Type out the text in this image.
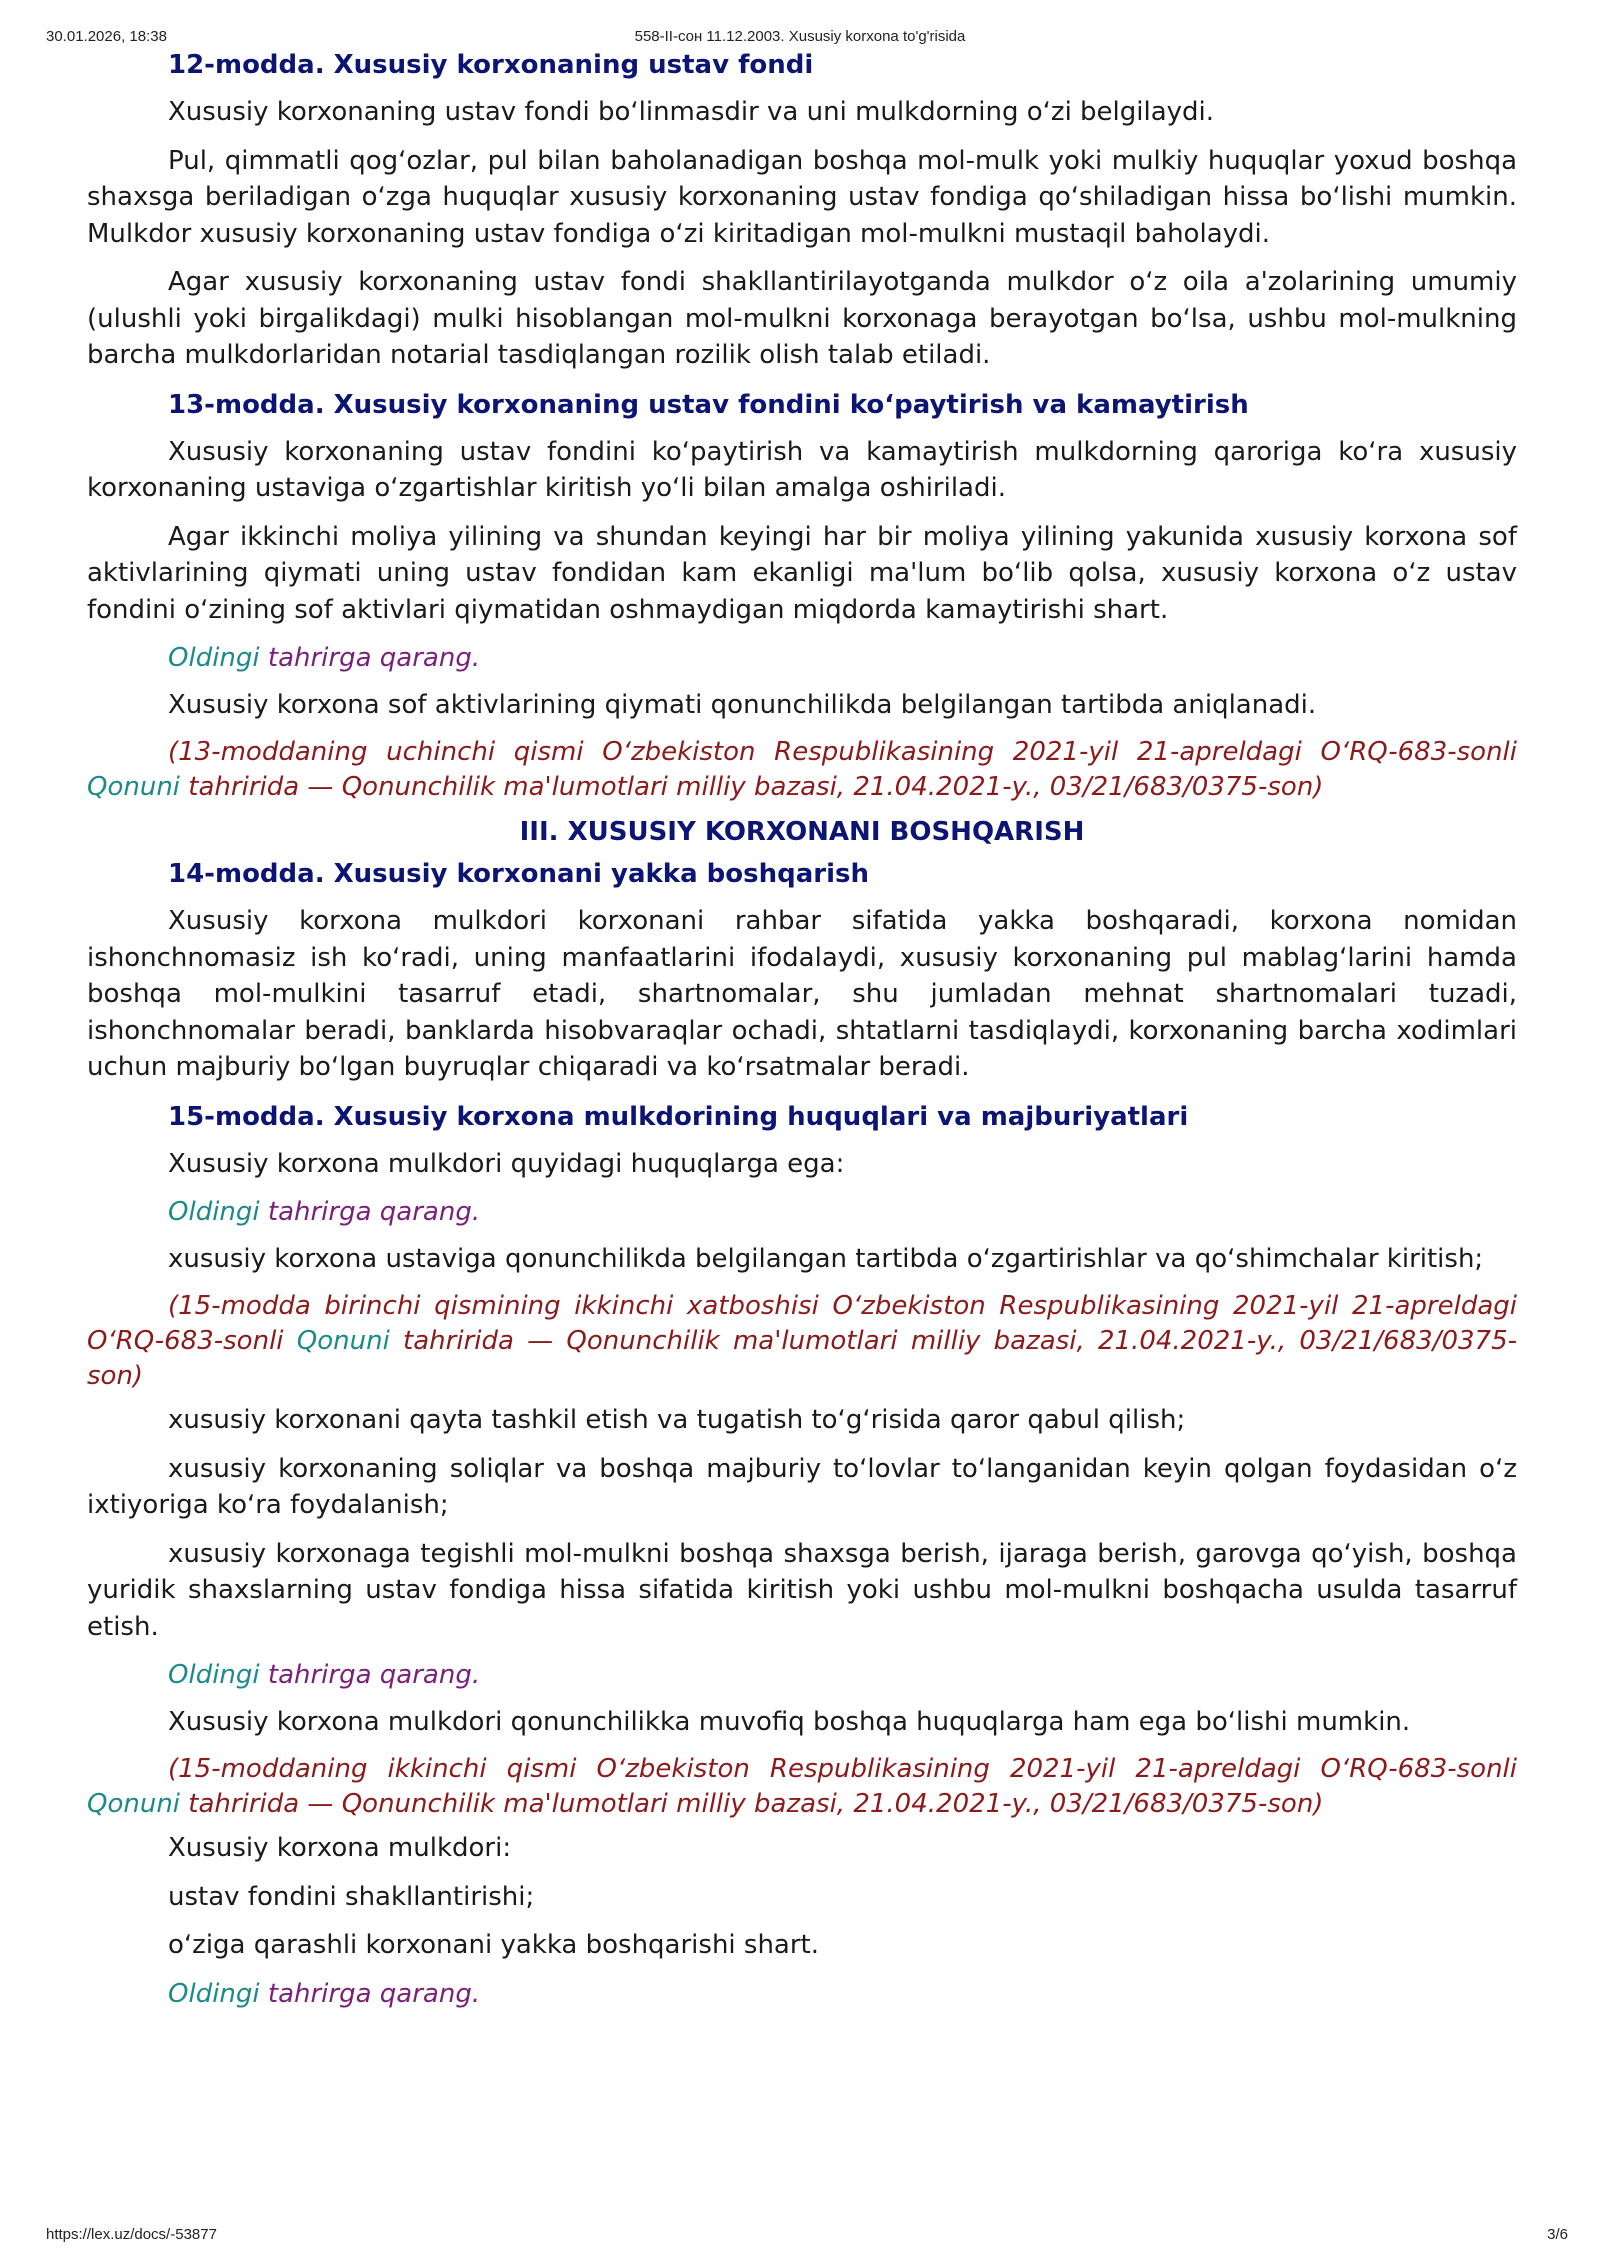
30.01.2026, 18:38	558-II-сон 11.12.2003. Xususiy korxona to'g'risida
12-modda. Xususiy korxonaning ustav fondi

Xususiy korxonaning ustav fondi boʻlinmasdir va uni mulkdorning oʻzi belgilaydi.

Pul, qimmatli qogʻozlar, pul bilan baholanadigan boshqa mol-mulk yoki mulkiy huquqlar yoxud boshqa shaxsga beriladigan oʻzga huquqlar xususiy korxonaning ustav fondiga qoʻshiladigan hissa boʻlishi mumkin. Mulkdor xususiy korxonaning ustav fondiga oʻzi kiritadigan mol-mulkni mustaqil baholaydi.

Agar xususiy korxonaning ustav fondi shakllantirilayotganda mulkdor oʻz oila a'zolarining umumiy (ulushli yoki birgalikdagi) mulki hisoblangan mol-mulkni korxonaga berayotgan boʻlsa, ushbu mol-mulkning barcha mulkdorlaridan notarial tasdiqlangan rozilik olish talab etiladi.

13-modda. Xususiy korxonaning ustav fondini koʻpaytirish va kamaytirish

Xususiy korxonaning ustav fondini koʻpaytirish va kamaytirish mulkdorning qaroriga koʻra xususiy korxonaning ustaviga oʻzgartishlar kiritish yoʻli bilan amalga oshiriladi.

Agar ikkinchi moliya yilining va shundan keyingi har bir moliya yilining yakunida xususiy korxona sof aktivlarining qiymati uning ustav fondidan kam ekanligi ma'lum boʻlib qolsa, xususiy korxona oʻz ustav fondini oʻzining sof aktivlari qiymatidan oshmaydigan miqdorda kamaytirishi shart.

Oldingi tahrirga qarang.

Xususiy korxona sof aktivlarining qiymati qonunchilikda belgilangan tartibda aniqlanadi.

(13-moddaning uchinchi qismi Oʻzbekiston Respublikasining 2021-yil 21-apreldagi OʻRQ-683-sonli Qonuni tahririda — Qonunchilik ma'lumotlari milliy bazasi, 21.04.2021-y., 03/21/683/0375-son)
III. XUSUSIY KORXONANI BOSHQARISH
14-modda. Xususiy korxonani yakka boshqarish

Xususiy korxona mulkdori korxonani rahbar sifatida yakka boshqaradi, korxona nomidan ishonchnomasiz ish koʻradi, uning manfaatlarini ifodalaydi, xususiy korxonaning pul mablagʻlarini hamda boshqa mol-mulkini tasarruf etadi, shartnomalar, shu jumladan mehnat shartnomalari tuzadi, ishonchnomalar beradi, banklarda hisobvaraqlar ochadi, shtatlarni tasdiqlaydi, korxonaning barcha xodimlari uchun majburiy boʻlgan buyruqlar chiqaradi va koʻrsatmalar beradi.

15-modda. Xususiy korxona mulkdorining huquqlari va majburiyatlari

Xususiy korxona mulkdori quyidagi huquqlarga ega:

Oldingi tahrirga qarang.

xususiy korxona ustaviga qonunchilikda belgilangan tartibda oʻzgartirishlar va qoʻshimchalar kiritish;

(15-modda birinchi qismining ikkinchi xatboshisi Oʻzbekiston Respublikasining 2021-yil 21-apreldagi OʻRQ-683-sonli Qonuni tahririda — Qonunchilik ma'lumotlari milliy bazasi, 21.04.2021-y., 03/21/683/0375-son)

xususiy korxonani qayta tashkil etish va tugatish toʻgʻrisida qaror qabul qilish;

xususiy korxonaning soliqlar va boshqa majburiy toʻlovlar toʻlanganidan keyin qolgan foydasidan oʻz ixtiyoriga koʻra foydalanish;

xususiy korxonaga tegishli mol-mulkni boshqa shaxsga berish, ijaraga berish, garovga qoʻyish, boshqa yuridik shaxslarning ustav fondiga hissa sifatida kiritish yoki ushbu mol-mulkni boshqacha usulda tasarruf etish.

Oldingi tahrirga qarang.

Xususiy korxona mulkdori qonunchilikka muvofiq boshqa huquqlarga ham ega boʻlishi mumkin.

(15-moddaning ikkinchi qismi Oʻzbekiston Respublikasining 2021-yil 21-apreldagi OʻRQ-683-sonli Qonuni tahririda — Qonunchilik ma'lumotlari milliy bazasi, 21.04.2021-y., 03/21/683/0375-son)

Xususiy korxona mulkdori:

ustav fondini shakllantirishi;

oʻziga qarashli korxonani yakka boshqarishi shart.

Oldingi tahrirga qarang.
https://lex.uz/docs/-53877	3/6
